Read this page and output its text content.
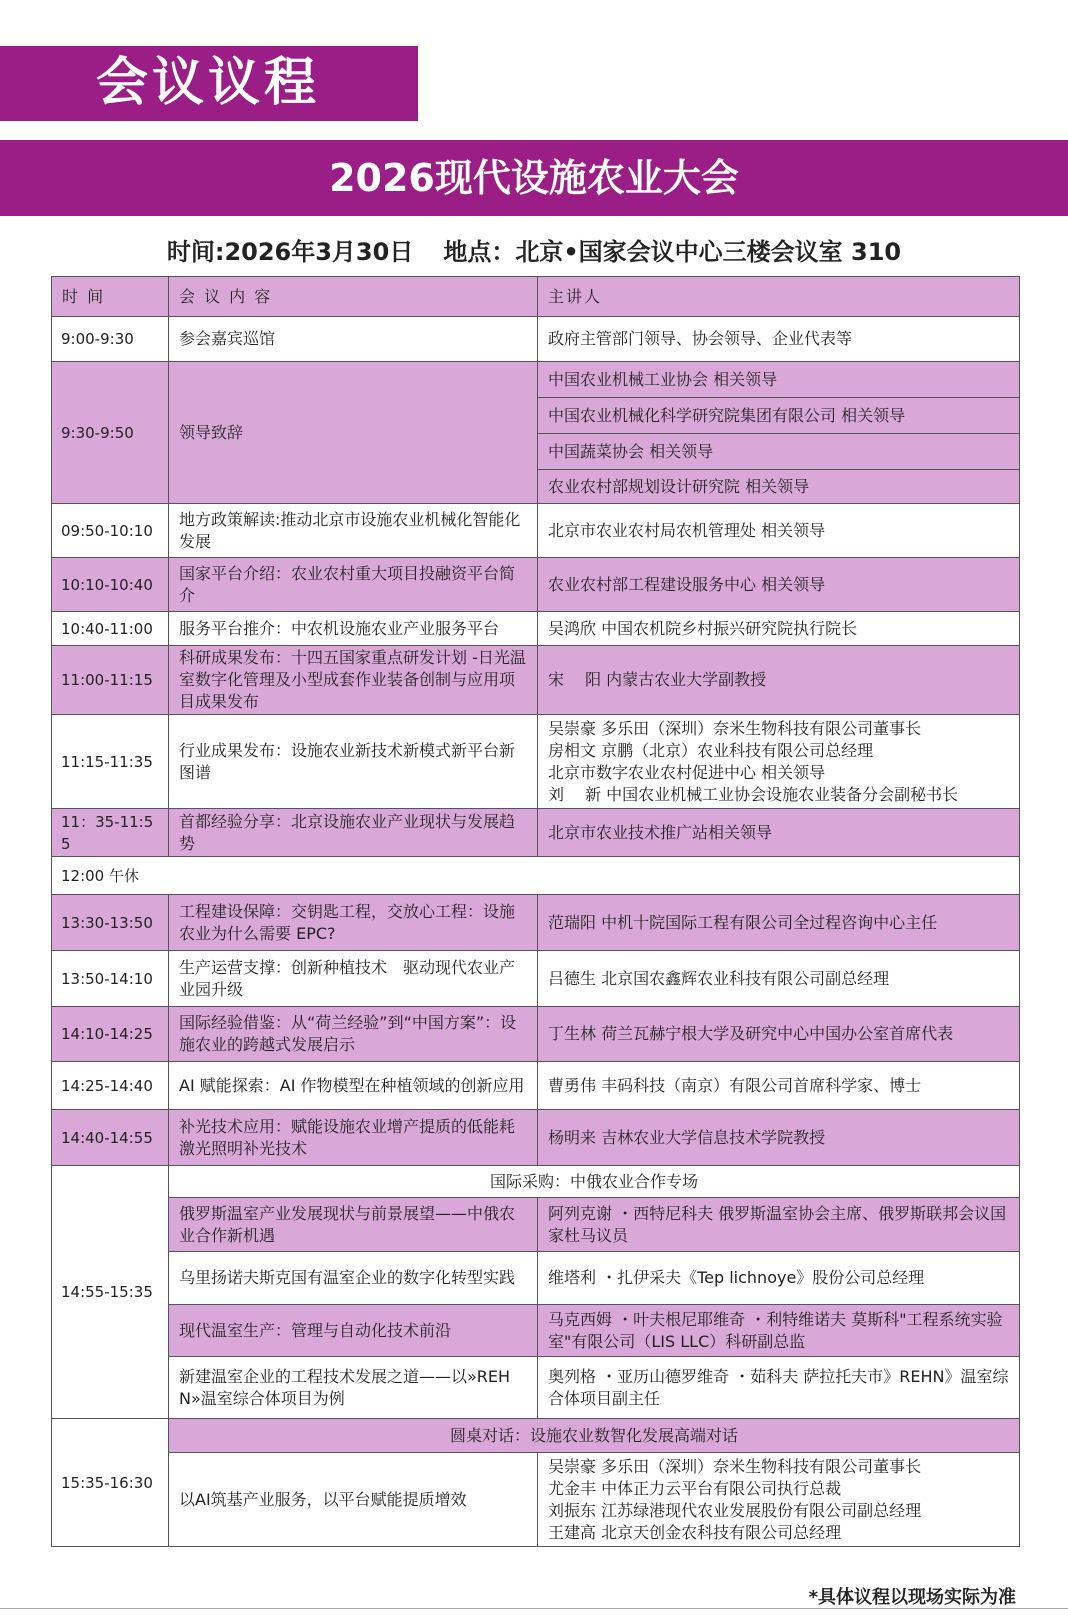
会议议程
2026现代设施农业大会
时间:2026年3月30日 地点：北京•国家会议中心三楼会议室 310
时 间	会 议 内 容	主讲人
9:00-9:30	参会嘉宾巡馆	政府主管部门领导、协会领导、企业代表等
9:30-9:50	领导致辞	中国农业机械工业协会 相关领导
		中国农业机械化科学研究院集团有限公司 相关领导
		中国蔬菜协会 相关领导
		农业农村部规划设计研究院 相关领导
09:50-10:10	地方政策解读:推动北京市设施农业机械化智能化发展	北京市农业农村局农机管理处 相关领导
10:10-10:40	国家平台介绍：农业农村重大项目投融资平台简介	农业农村部工程建设服务中心 相关领导
10:40-11:00	服务平台推介：中农机设施农业产业服务平台	吴鸿欣 中国农机院乡村振兴研究院执行院长
11:00-11:15	科研成果发布：十四五国家重点研发计划 -日光温室数字化管理及小型成套作业装备创制与应用项目成果发布	宋　 阳 内蒙古农业大学副教授
11:15-11:35	行业成果发布：设施农业新技术新模式新平台新图谱	吴崇豪 多乐田（深圳）奈米生物科技有限公司董事长
房相文 京鹏（北京）农业科技有限公司总经理
北京市数字农业农村促进中心 相关领导
刘　 新 中国农业机械工业协会设施农业装备分会副秘书长

11：35-11:55	首都经验分享：北京设施农业产业现状与发展趋势	北京市农业技术推广站相关领导
12:00 午休		
13:30-13:50	工程建设保障：交钥匙工程，交放心工程：设施农业为什么需要 EPC?	范瑞阳 中机十院国际工程有限公司全过程咨询中心主任
13:50-14:10	生产运营支撑：创新种植技术　驱动现代农业产业园升级	吕德生 北京国农鑫辉农业科技有限公司副总经理
14:10-14:25	国际经验借鉴：从“荷兰经验”到“中国方案”：设施农业的跨越式发展启示	丁生林 荷兰瓦赫宁根大学及研究中心中国办公室首席代表
14:25-14:40	AI 赋能探索：AI 作物模型在种植领域的创新应用	曹勇伟 丰码科技（南京）有限公司首席科学家、博士
14:40-14:55	补光技术应用：赋能设施农业增产提质的低能耗激光照明补光技术	杨明来 吉林农业大学信息技术学院教授
14:55-15:35	国际采购：中俄农业合作专场	
	俄罗斯温室产业发展现状与前景展望——中俄农业合作新机遇	阿列克谢 ・西特尼科夫 俄罗斯温室协会主席、俄罗斯联邦会议国家杜马议员
	乌里扬诺夫斯克国有温室企业的数字化转型实践	维塔利 ・扎伊采夫《Tep lichnoye》股份公司总经理
	现代温室生产：管理与自动化技术前沿	马克西姆 ・叶夫根尼耶维奇 ・利特维诺夫 莫斯科"工程系统实验室"有限公司（LIS LLC）科研副总监
	新建温室企业的工程技术发展之道——以»REHN»温室综合体项目为例	奥列格 ・亚历山德罗维奇 ・茹科夫 萨拉托夫市》REHN》温室综合体项目副主任
15:35-16:30	圆桌对话：设施农业数智化发展高端对话	
	以AI筑基产业服务，以平台赋能提质增效	吴崇豪 多乐田（深圳）奈米生物科技有限公司董事长
尤金丰 中体正力云平台有限公司执行总裁
刘振东 江苏绿港现代农业发展股份有限公司副总经理
王建高 北京天创金农科技有限公司总经理
*具体议程以现场实际为准
